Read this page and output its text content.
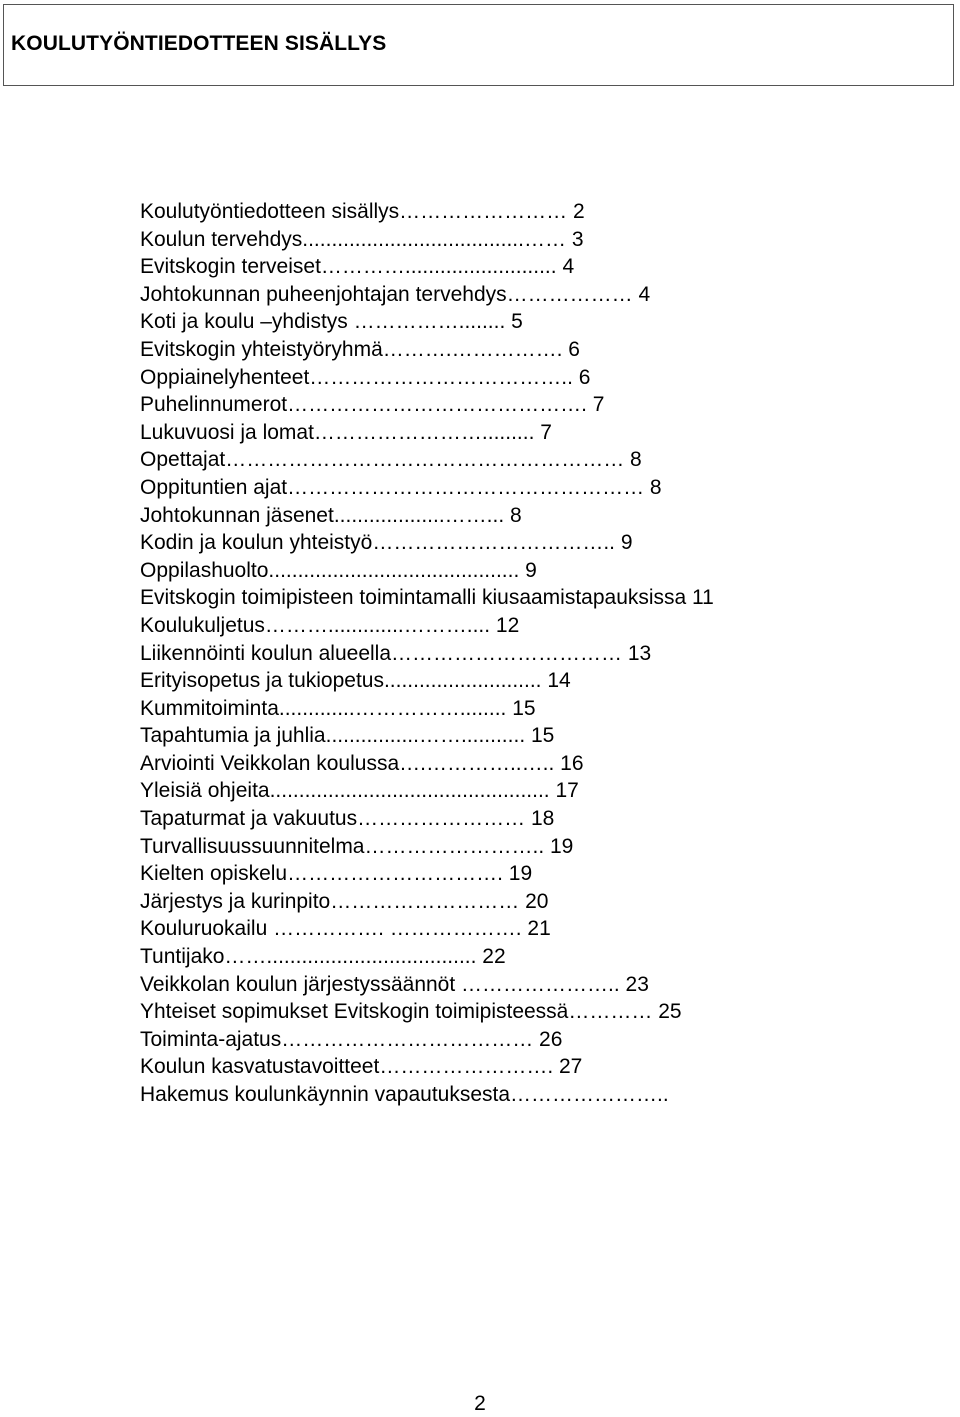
KOULUTYÖNTIEDOTTEEN SISÄLLYS
Koulutyöntiedotteen sisällys…………………… 2
Koulun tervehdys......................................…… 3
Evitskogin terveiset………….......................... 4
Johtokunnan puheenjohtajan tervehdys……………… 4
Koti ja koulu –yhdistys ……………........ 5
Evitskogin yhteistyöryhmä……….……………. 6
Oppiainelyhenteet……………………………….. 6
Puhelinnumerot……………………………………. 7
Lukuvuosi ja lomat……………………......... 7
Opettajat………………………………………………… 8
Oppituntien ajat…………………………………………… 8
Johtokunnan jäsenet...................……... 8
Kodin ja koulun yhteistyö…………………………….. 9
Oppilashuolto........................................... 9
Evitskogin toimipisteen toimintamalli kiusaamistapauksissa 11
Koulukuljetus……….............……….... 12
Liikennöinti koulun alueella…………………………… 13
Erityisopetus ja tukiopetus........................... 14
Kummitoiminta.............……………........ 15
Tapahtumia ja juhlia................……........... 15
Arviointi Veikkolan koulussa….…………..….. 16
Yleisiä ohjeita................................................ 17
Tapaturmat ja vakuutus…………………… 18
Turvallisuussuunnitelma…………………….. 19
Kielten opiskelu…………………………. 19
Järjestys ja kurinpito……………………… 20
Kouluruokailu ……………. ………………. 21
Tuntijako…….................................... 22
Veikkolan koulun järjestyssäännöt ………………….. 23
Yhteiset sopimukset Evitskogin toimipisteessä………… 25
Toiminta-ajatus……………………………… 26
Koulun kasvatustavoitteet……………………. 27
Hakemus koulunkäynnin vapautuksesta…………………..
2
